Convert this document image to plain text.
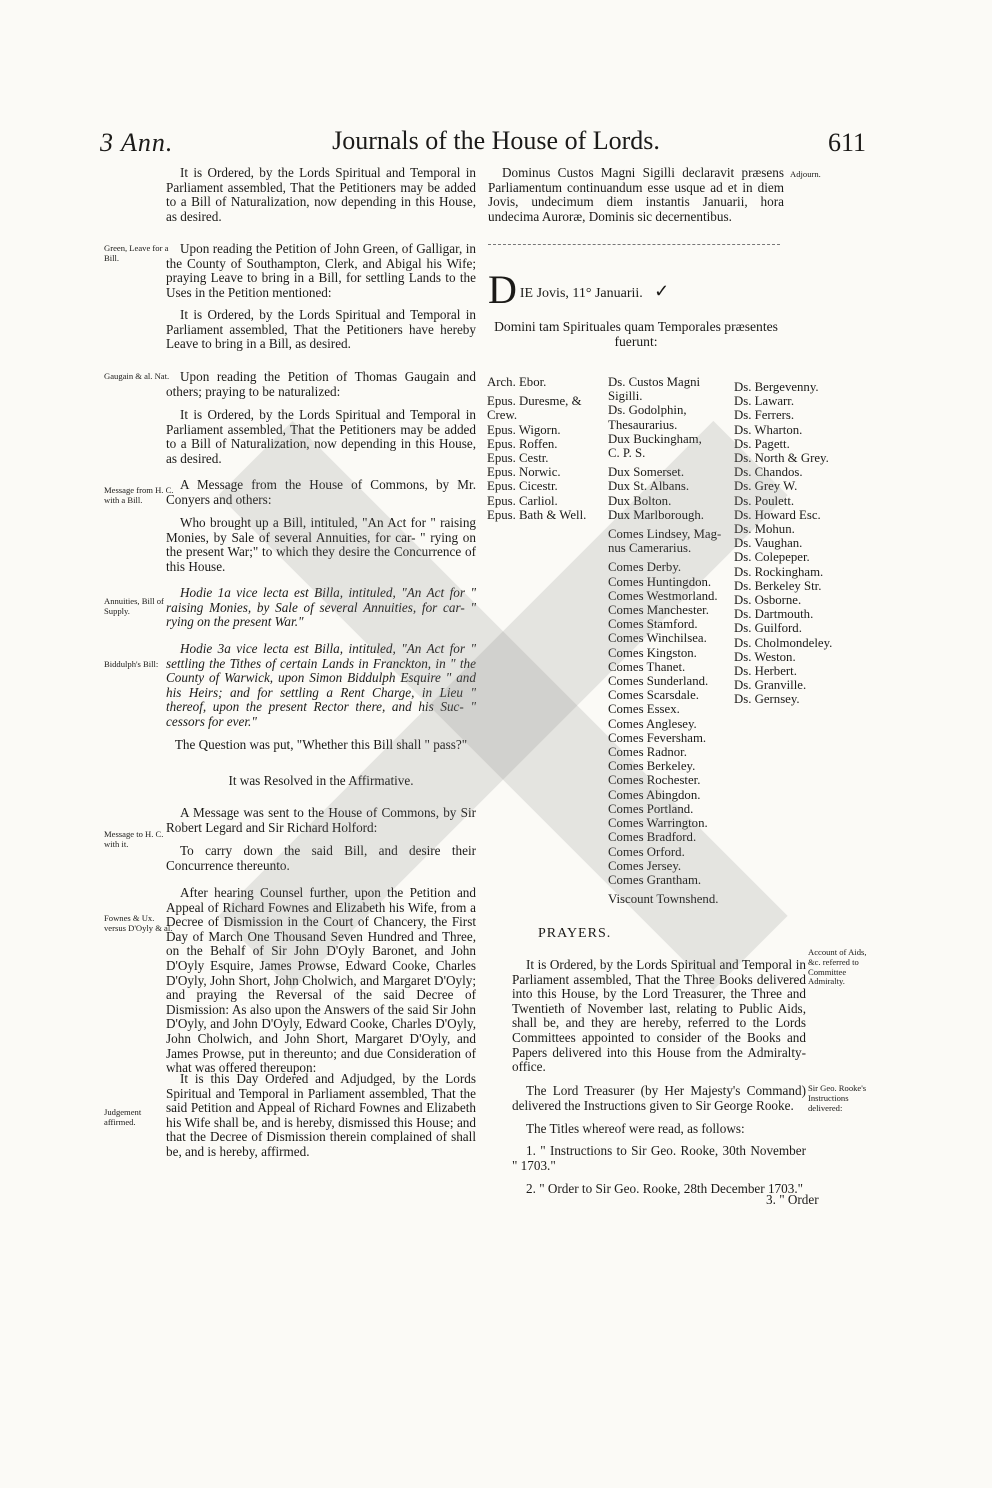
3 Ann.	Journals of the House of Lords.	611
Green, Leave for a Bill.
Gaugain & al. Nat.
Message from H. C. with a Bill.
Annuities, Bill of Supply.
Biddulph's Bill:
Message to H. C. with it.
Fownes & Ux. versus D'Oyly & al.
Judgement affirmed.

It is Ordered, by the Lords Spiritual and Temporal in Parliament assembled, That the Petitioners may be added to a Bill of Naturalization, now depending in this House, as desired.

Upon reading the Petition of John Green, of Galligar, in the County of Southampton, Clerk, and Abigal his Wife; praying Leave to bring in a Bill, for settling Lands to the Uses in the Petition mentioned:

It is Ordered, by the Lords Spiritual and Temporal in Parliament assembled, That the Petitioners have hereby Leave to bring in a Bill, as desired.

Upon reading the Petition of Thomas Gaugain and others; praying to be naturalized:

It is Ordered, by the Lords Spiritual and Temporal in Parliament assembled, That the Petitioners may be added to a Bill of Naturalization, now depending in this House, as desired.

A Message from the House of Commons, by Mr. Conyers and others:

Who brought up a Bill, intituled, "An Act for " raising Monies, by Sale of several Annuities, for car- " rying on the present War;" to which they desire the Concurrence of this House.

Hodie 1a vice lecta est Billa, intituled, "An Act for " raising Monies, by Sale of several Annuities, for car- " rying on the present War."

Hodie 3a vice lecta est Billa, intituled, "An Act for " settling the Tithes of certain Lands in Franckton, in " the County of Warwick, upon Simon Biddulph Esquire " and his Heirs; and for settling a Rent Charge, in Lieu " thereof, upon the present Rector there, and his Suc- " cessors for ever."

The Question was put, "Whether this Bill shall " pass?"

It was Resolved in the Affirmative.

A Message was sent to the House of Commons, by Sir Robert Legard and Sir Richard Holford:

To carry down the said Bill, and desire their Concurrence thereunto.

After hearing Counsel further, upon the Petition and Appeal of Richard Fownes and Elizabeth his Wife, from a Decree of Dismission in the Court of Chancery, the First Day of March One Thousand Seven Hundred and Three, on the Behalf of Sir John D'Oyly Baronet, and John D'Oyly Esquire, James Prowse, Edward Cooke, Charles D'Oyly, John Short, John Cholwich, and Margaret D'Oyly; and praying the Reversal of the said Decree of Dismission: As also upon the Answers of the said Sir John D'Oyly, and John D'Oyly, Edward Cooke, Charles D'Oyly, John Cholwich, and John Short, Margaret D'Oyly, and James Prowse, put in thereunto; and due Consideration of what was offered thereupon:

It is this Day Ordered and Adjudged, by the Lords Spiritual and Temporal in Parliament assembled, That the said Petition and Appeal of Richard Fownes and Elizabeth his Wife shall be, and is hereby, dismissed this House; and that the Decree of Dismission therein complained of shall be, and is hereby, affirmed.

Dominus Custos Magni Sigilli declaravit præsens Parliamentum continuandum esse usque ad et in diem Jovis, undecimum diem instantis Januarii, hora undecima Auroræ, Dominis sic decernentibus.

D IE Jovis, 11° Januarii. ✓

Domini tam Spirituales quam Temporales præsentes fuerunt:

Arch. Ebor.

Epus. Duresme, &
Crew.
Epus. Wigorn.
Epus. Roffen.
Epus. Cestr.
Epus. Norwic.
Epus. Cicestr.
Epus. Carliol.
Epus. Bath & Well.
Ds. Custos Magni
Sigilli.
Ds. Godolphin,
Thesaurarius.
Dux Buckingham,
C. P. S.

Dux Somerset.
Dux St. Albans.
Dux Bolton.
Dux Marlborough.

Comes Lindsey, Mag-
nus Camerarius.

Comes Derby.
Comes Huntingdon.
Comes Westmorland.
Comes Manchester.
Comes Stamford.
Comes Winchilsea.
Comes Kingston.
Comes Thanet.
Comes Sunderland.
Comes Scarsdale.
Comes Essex.
Comes Anglesey.
Comes Feversham.
Comes Radnor.
Comes Berkeley.
Comes Rochester.
Comes Abingdon.
Comes Portland.
Comes Warrington.
Comes Bradford.
Comes Orford.
Comes Jersey.
Comes Grantham.

Viscount Townshend.
Ds. Bergevenny.
Ds. Lawarr.
Ds. Ferrers.
Ds. Wharton.
Ds. Pagett.
Ds. North & Grey.
Ds. Chandos.
Ds. Grey W.
Ds. Poulett.
Ds. Howard Esc.
Ds. Mohun.
Ds. Vaughan.
Ds. Colepeper.
Ds. Rockingham.
Ds. Berkeley Str.
Ds. Osborne.
Ds. Dartmouth.
Ds. Guilford.
Ds. Cholmondeley.
Ds. Weston.
Ds. Herbert.
Ds. Granville.
Ds. Gernsey.
PRAYERS.

It is Ordered, by the Lords Spiritual and Temporal in Parliament assembled, That the Three Books delivered into this House, by the Lord Treasurer, the Three and Twentieth of November last, relating to Public Aids, shall be, and they are hereby, referred to the Lords Committees appointed to consider of the Books and Papers delivered into this House from the Admiralty-office.

The Lord Treasurer (by Her Majesty's Command) delivered the Instructions given to Sir George Rooke.

The Titles whereof were read, as follows:

1. " Instructions to Sir Geo. Rooke, 30th November " 1703."

2. " Order to Sir Geo. Rooke, 28th December 1703."

3. " Order
Adjourn.
Account of Aids, &c. referred to Committee Admiralty.
Sir Geo. Rooke's Instructions delivered:
